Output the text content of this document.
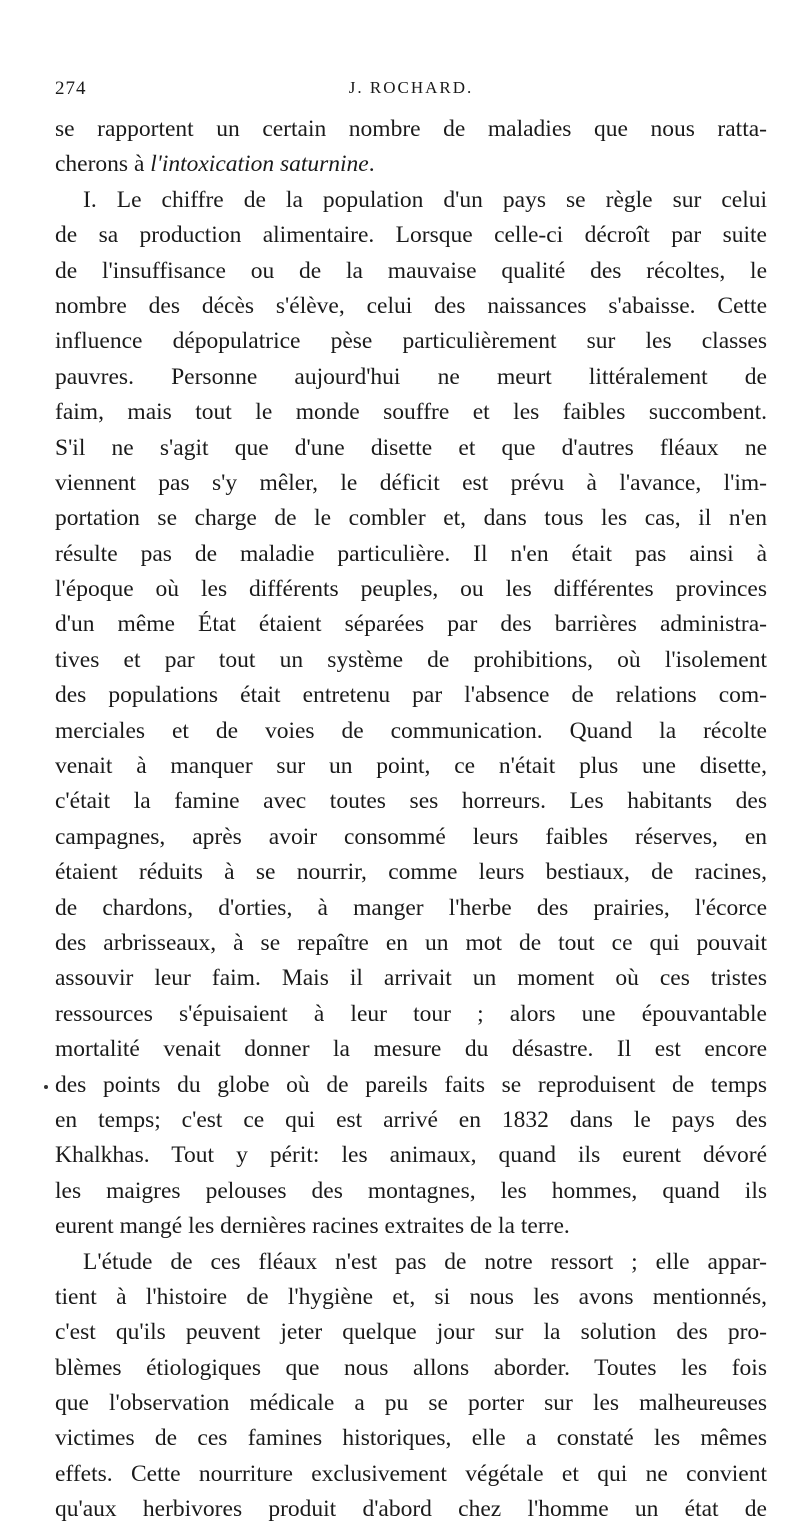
274	J. ROCHARD.
se rapportent un certain nombre de maladies que nous ratta-
cherons à l'intoxication saturnine.
I. Le chiffre de la population d'un pays se règle sur celui
de sa production alimentaire. Lorsque celle-ci décroît par suite
de l'insuffisance ou de la mauvaise qualité des récoltes, le
nombre des décès s'élève, celui des naissances s'abaisse. Cette
influence dépopulatrice pèse particulièrement sur les classes
pauvres. Personne aujourd'hui ne meurt littéralement de
faim, mais tout le monde souffre et les faibles succombent.
S'il ne s'agit que d'une disette et que d'autres fléaux ne
viennent pas s'y mêler, le déficit est prévu à l'avance, l'im-
portation se charge de le combler et, dans tous les cas, il n'en
résulte pas de maladie particulière. Il n'en était pas ainsi à
l'époque où les différents peuples, ou les différentes provinces
d'un même État étaient séparées par des barrières administra-
tives et par tout un système de prohibitions, où l'isolement
des populations était entretenu par l'absence de relations com-
merciales et de voies de communication. Quand la récolte
venait à manquer sur un point, ce n'était plus une disette,
c'était la famine avec toutes ses horreurs. Les habitants des
campagnes, après avoir consommé leurs faibles réserves, en
étaient réduits à se nourrir, comme leurs bestiaux, de racines,
de chardons, d'orties, à manger l'herbe des prairies, l'écorce
des arbrisseaux, à se repaître en un mot de tout ce qui pouvait
assouvir leur faim. Mais il arrivait un moment où ces tristes
ressources s'épuisaient à leur tour ; alors une épouvantable
mortalité venait donner la mesure du désastre. Il est encore
des points du globe où de pareils faits se reproduisent de temps
en temps; c'est ce qui est arrivé en 1832 dans le pays des
Khalkhas. Tout y périt: les animaux, quand ils eurent dévoré
les maigres pelouses des montagnes, les hommes, quand ils
eurent mangé les dernières racines extraites de la terre.
L'étude de ces fléaux n'est pas de notre ressort ; elle appar-
tient à l'histoire de l'hygiène et, si nous les avons mentionnés,
c'est qu'ils peuvent jeter quelque jour sur la solution des pro-
blèmes étiologiques que nous allons aborder. Toutes les fois
que l'observation médicale a pu se porter sur les malheureuses
victimes de ces famines historiques, elle a constaté les mêmes
effets. Cette nourriture exclusivement végétale et qui ne convient
qu'aux herbivores produit d'abord chez l'homme un état de
